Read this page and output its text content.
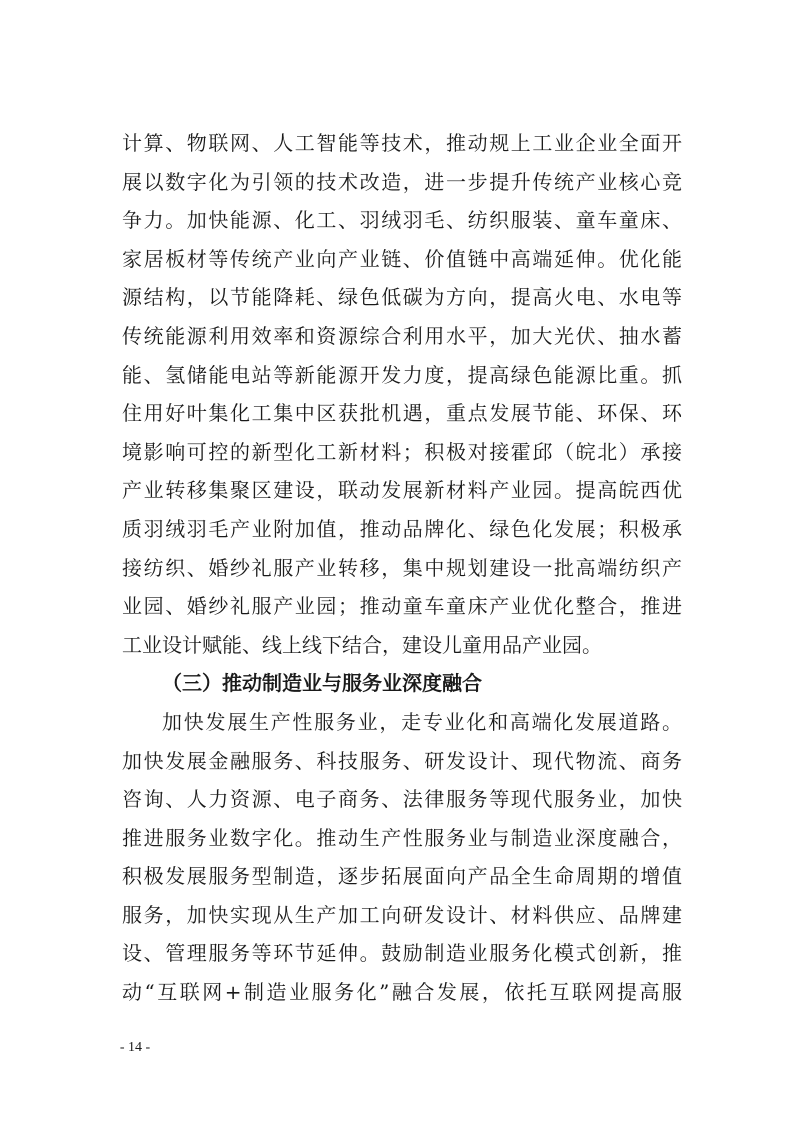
计算、物联网、人工智能等技术，推动规上工业企业全面开
展以数字化为引领的技术改造，进一步提升传统产业核心竞
争力。加快能源、化工、羽绒羽毛、纺织服装、童车童床、
家居板材等传统产业向产业链、价值链中高端延伸。优化能
源结构，以节能降耗、绿色低碳为方向，提高火电、水电等
传统能源利用效率和资源综合利用水平，加大光伏、抽水蓄
能、氢储能电站等新能源开发力度，提高绿色能源比重。抓
住用好叶集化工集中区获批机遇，重点发展节能、环保、环
境影响可控的新型化工新材料；积极对接霍邱（皖北）承接
产业转移集聚区建设，联动发展新材料产业园。提高皖西优
质羽绒羽毛产业附加值，推动品牌化、绿色化发展；积极承
接纺织、婚纱礼服产业转移，集中规划建设一批高端纺织产
业园、婚纱礼服产业园；推动童车童床产业优化整合，推进
工业设计赋能、线上线下结合，建设儿童用品产业园。
（三）推动制造业与服务业深度融合
加快发展生产性服务业，走专业化和高端化发展道路。
加快发展金融服务、科技服务、研发设计、现代物流、商务
咨询、人力资源、电子商务、法律服务等现代服务业，加快
推进服务业数字化。推动生产性服务业与制造业深度融合，
积极发展服务型制造，逐步拓展面向产品全生命周期的增值
服务，加快实现从生产加工向研发设计、材料供应、品牌建
设、管理服务等环节延伸。鼓励制造业服务化模式创新，推
动“互联网+制造业服务化”融合发展，依托互联网提高服
- 14 -
